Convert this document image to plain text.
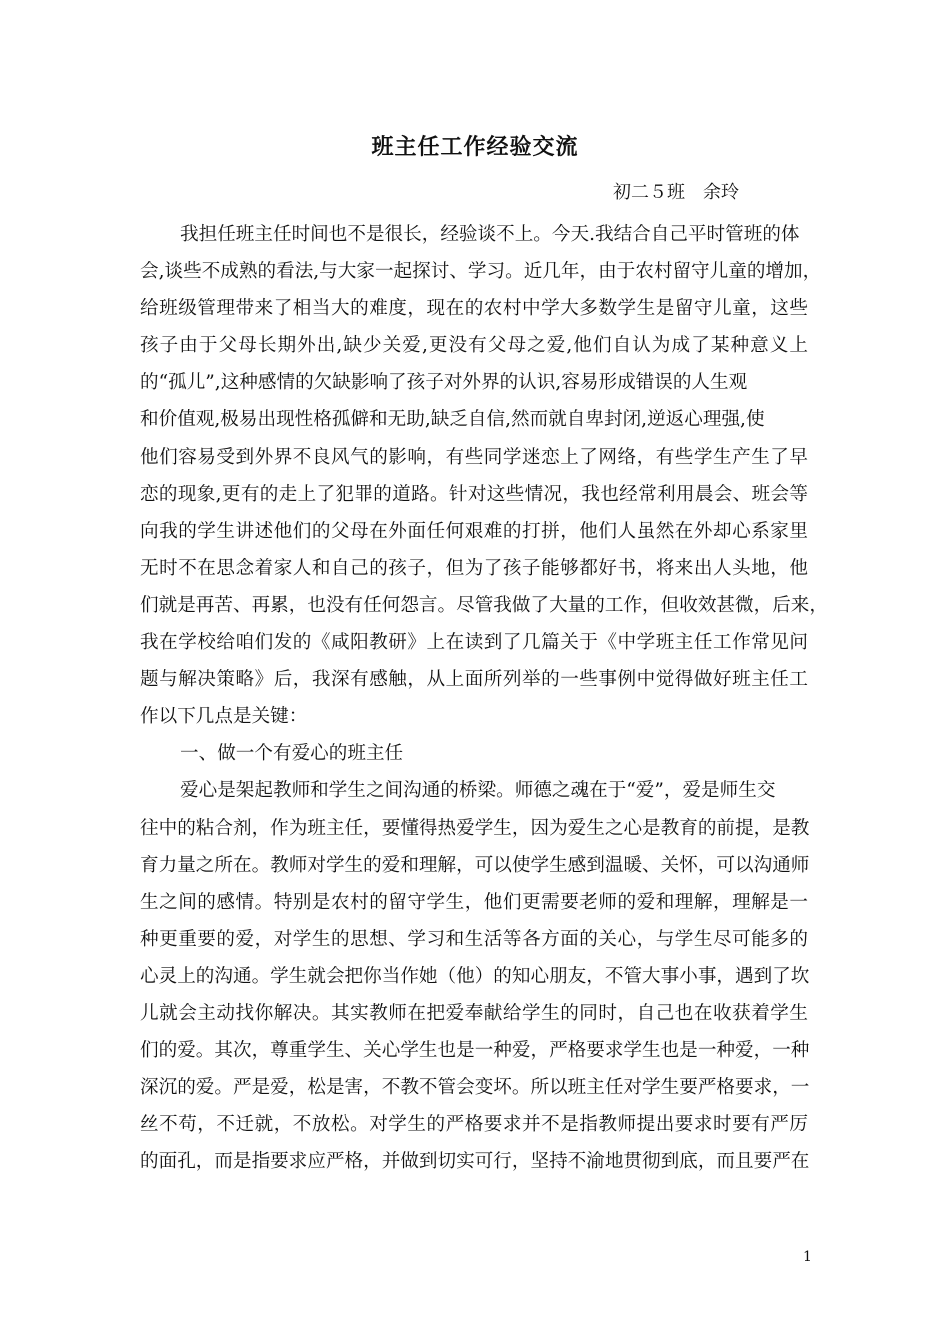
班主任工作经验交流
初二５班　余玲
我担任班主任时间也不是很长，经验谈不上。今天.我结合自己平时管班的体
会,谈些不成熟的看法,与大家一起探讨、学习。近几年，由于农村留守儿童的增加，
给班级管理带来了相当大的难度，现在的农村中学大多数学生是留守儿童，这些
孩子由于父母长期外出,缺少关爱,更没有父母之爱,他们自认为成了某种意义上
的“孤儿”,这种感情的欠缺影响了孩子对外界的认识,容易形成错误的人生观
和价值观,极易出现性格孤僻和无助,缺乏自信,然而就自卑封闭,逆返心理强,使
他们容易受到外界不良风气的影响，有些同学迷恋上了网络，有些学生产生了早
恋的现象,更有的走上了犯罪的道路。针对这些情况，我也经常利用晨会、班会等
向我的学生讲述他们的父母在外面任何艰难的打拼，他们人虽然在外却心系家里
无时不在思念着家人和自己的孩子，但为了孩子能够都好书，将来出人头地，他
们就是再苦、再累，也没有任何怨言。尽管我做了大量的工作，但收效甚微，后来，
我在学校给咱们发的《咸阳教研》上在读到了几篇关于《中学班主任工作常见问
题与解决策略》后，我深有感触，从上面所列举的一些事例中觉得做好班主任工
作以下几点是关键：
一、做一个有爱心的班主任
爱心是架起教师和学生之间沟通的桥梁。师德之魂在于“爱”，爱是师生交
往中的粘合剂，作为班主任，要懂得热爱学生，因为爱生之心是教育的前提，是教
育力量之所在。教师对学生的爱和理解，可以使学生感到温暖、关怀，可以沟通师
生之间的感情。特别是农村的留守学生，他们更需要老师的爱和理解，理解是一
种更重要的爱，对学生的思想、学习和生活等各方面的关心，与学生尽可能多的
心灵上的沟通。学生就会把你当作她（他）的知心朋友，不管大事小事，遇到了坎
儿就会主动找你解决。其实教师在把爱奉献给学生的同时，自己也在收获着学生
们的爱。其次，尊重学生、关心学生也是一种爱，严格要求学生也是一种爱，一种
深沉的爱。严是爱，松是害，不教不管会变坏。所以班主任对学生要严格要求，一
丝不苟，不迁就，不放松。对学生的严格要求并不是指教师提出要求时要有严厉
的面孔，而是指要求应严格，并做到切实可行，坚持不渝地贯彻到底，而且要严在
1
